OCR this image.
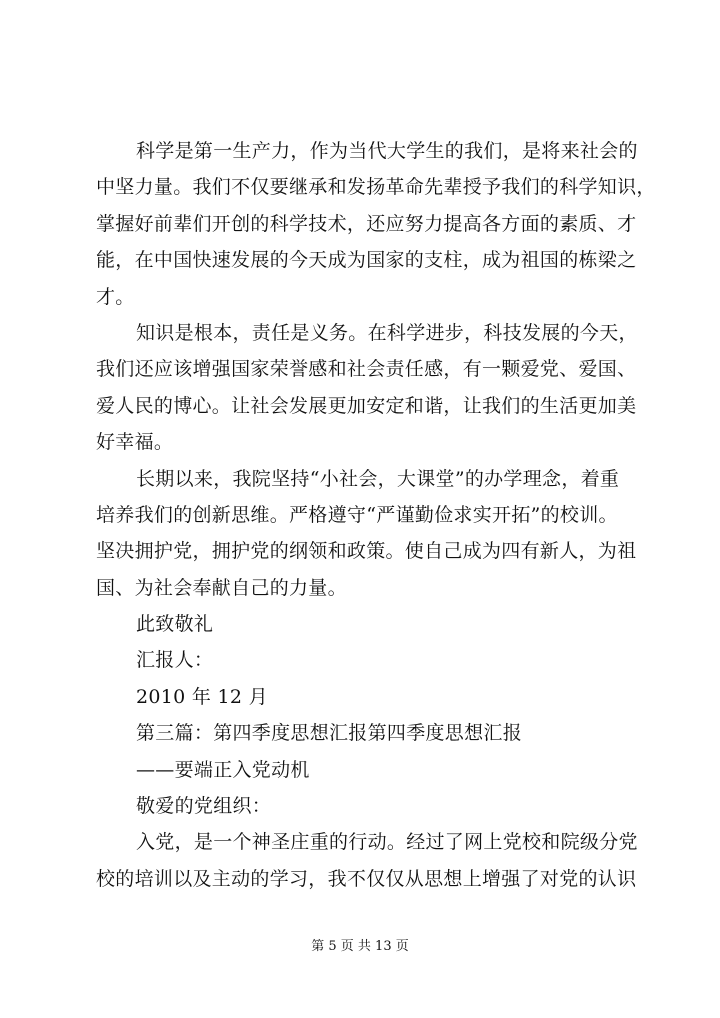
科学是第一生产力，作为当代大学生的我们，是将来社会的
中坚力量。我们不仅要继承和发扬革命先辈授予我们的科学知识，
掌握好前辈们开创的科学技术，还应努力提高各方面的素质、才
能，在中国快速发展的今天成为国家的支柱，成为祖国的栋梁之
才。
知识是根本，责任是义务。在科学进步，科技发展的今天，
我们还应该增强国家荣誉感和社会责任感，有一颗爱党、爱国、
爱人民的博心。让社会发展更加安定和谐，让我们的生活更加美
好幸福。
长期以来，我院坚持“小社会，大课堂”的办学理念，着重
培养我们的创新思维。严格遵守“严谨勤俭求实开拓”的校训。
坚决拥护党，拥护党的纲领和政策。使自己成为四有新人，为祖
国、为社会奉献自己的力量。
此致敬礼
汇报人：
2010 年 12 月
第三篇：第四季度思想汇报第四季度思想汇报
——要端正入党动机
敬爱的党组织：
入党，是一个神圣庄重的行动。经过了网上党校和院级分党
校的培训以及主动的学习，我不仅仅从思想上增强了对党的认识
第 5 页 共 13 页
